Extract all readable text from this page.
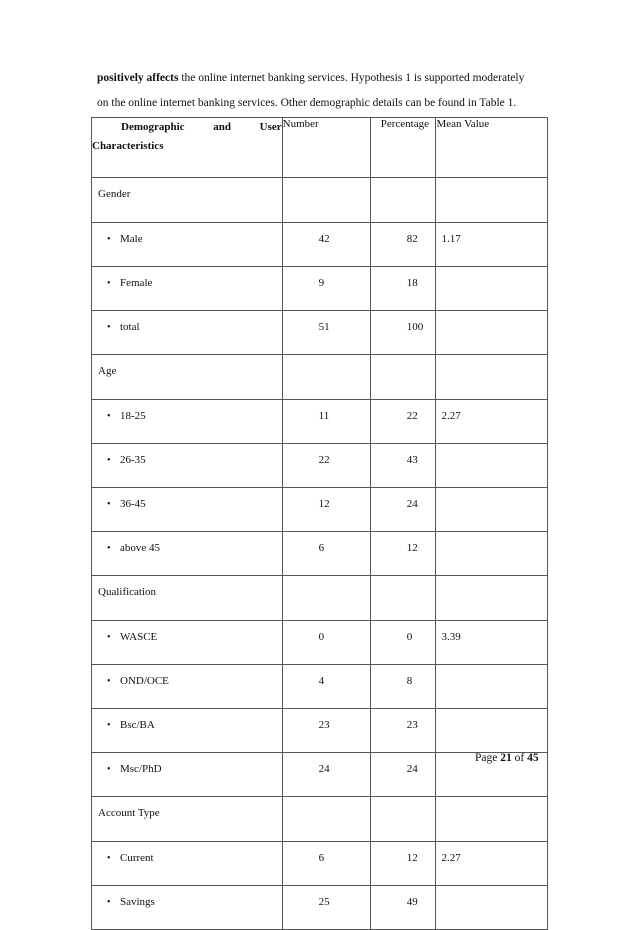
positively affects the online internet banking services. Hypothesis 1 is supported moderately
on the online internet banking services. Other demographic details can be found in Table 1.
Demographic and User
Characteristics	Number	Percentage	Mean Value
Gender			

• Male	42	82	1.17

• Female	9	18	

• total	51	100	
Age			

• 18-25	11	22	2.27

• 26-35	22	43	

• 36-45	12	24	

• above 45	6	12	
Qualification			

• WASCE	0	0	3.39

• OND/OCE	4	8	

• Bsc/BA	23	23	

• Msc/PhD	24	24	
Account Type			

• Current	6	12	2.27

• Savings	25	49	
Page 21 of 45
